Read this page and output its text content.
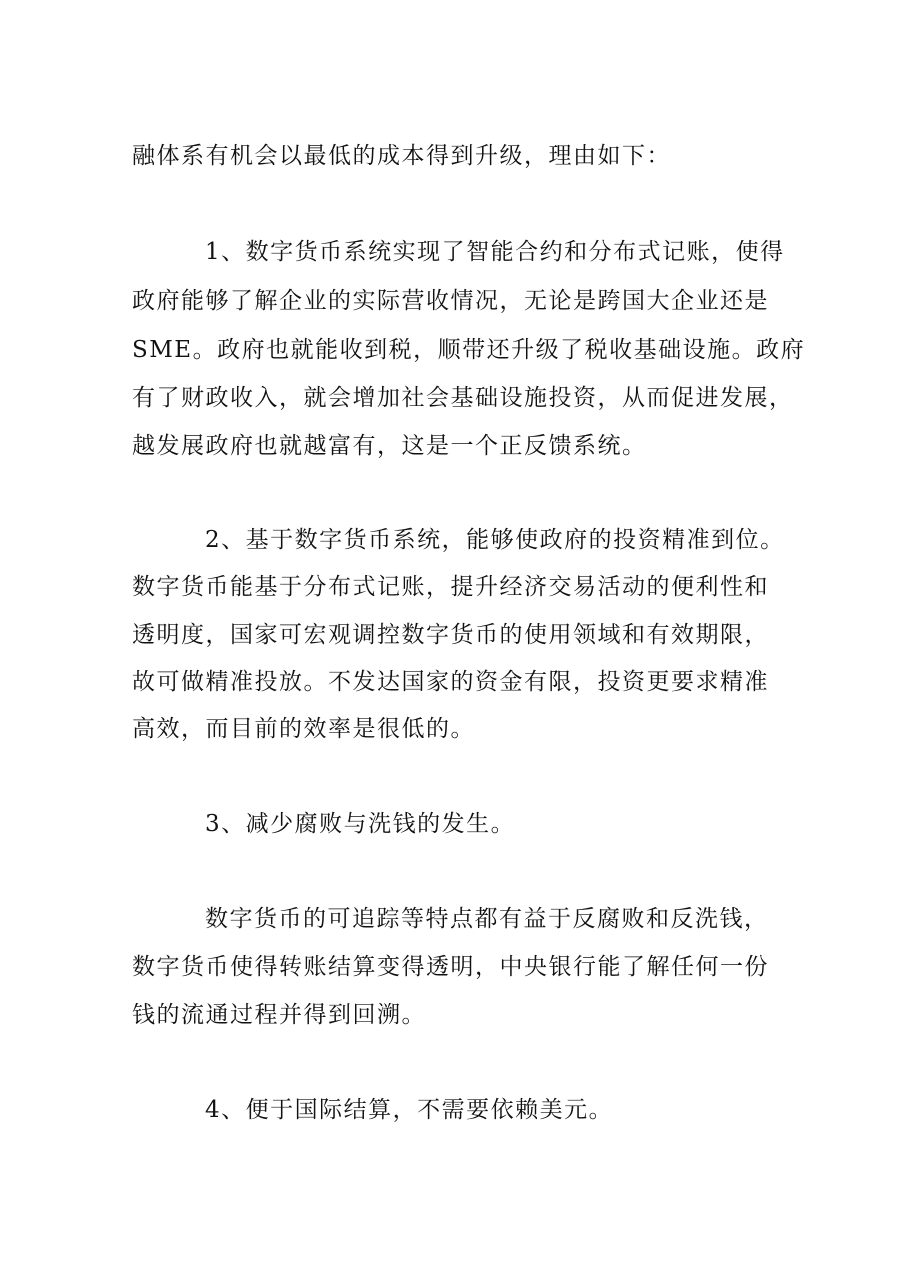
融体系有机会以最低的成本得到升级，理由如下：
1、数字货币系统实现了智能合约和分布式记账，使得
政府能够了解企业的实际营收情况，无论是跨国大企业还是
SME。政府也就能收到税，顺带还升级了税收基础设施。政府
有了财政收入，就会增加社会基础设施投资，从而促进发展，
越发展政府也就越富有，这是一个正反馈系统。
2、基于数字货币系统，能够使政府的投资精准到位。
数字货币能基于分布式记账，提升经济交易活动的便利性和
透明度，国家可宏观调控数字货币的使用领域和有效期限，
故可做精准投放。不发达国家的资金有限，投资更要求精准
高效，而目前的效率是很低的。
3、减少腐败与洗钱的发生。
数字货币的可追踪等特点都有益于反腐败和反洗钱，
数字货币使得转账结算变得透明，中央银行能了解任何一份
钱的流通过程并得到回溯。
4、便于国际结算，不需要依赖美元。
